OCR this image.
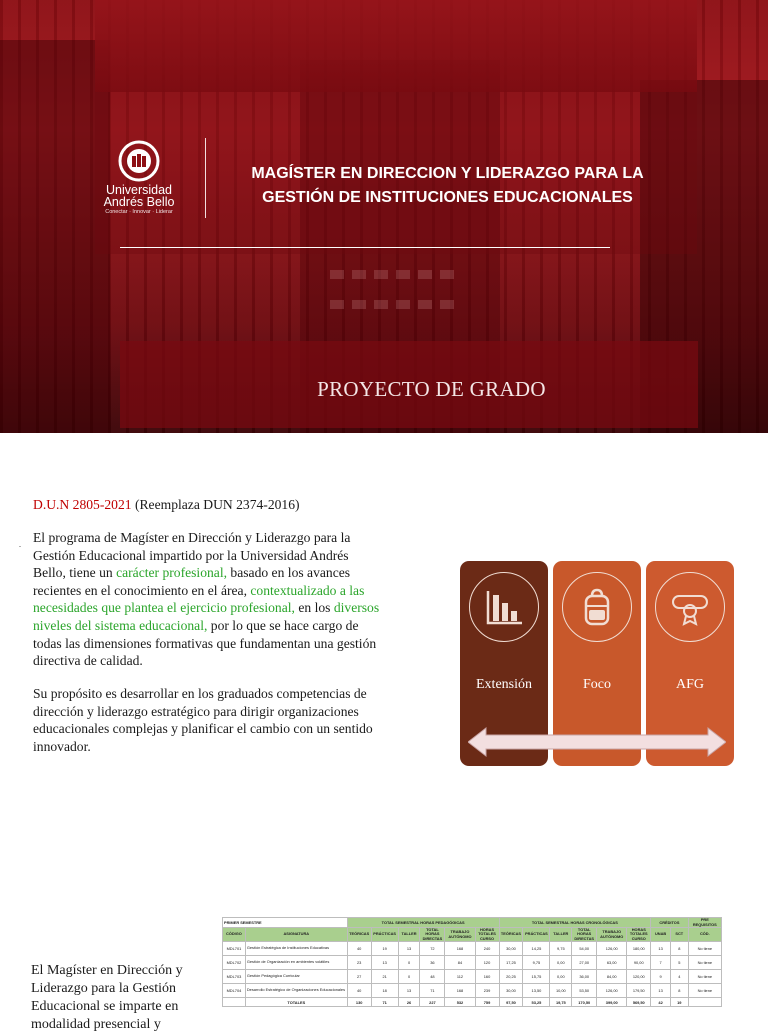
Universidad
Andrés Bello
Conectar · Innovar · Liderar
MAGÍSTER EN DIRECCION Y LIDERAZGO PARA LA GESTIÓN DE INSTITUCIONES EDUCACIONALES
PROYECTO DE GRADO
D.U.N 2805-2021 (Reemplaza DUN 2374-2016)
. El programa de Magíster en Dirección y Liderazgo para la Gestión Educacional impartido por la Universidad Andrés Bello, tiene un carácter profesional, basado en los avances recientes en el conocimiento en el área, contextualizado a las necesidades que plantea el ejercicio profesional, en los diversos niveles del sistema educacional, por lo que se hace cargo de todas las dimensiones formativas que fundamentan una gestión directiva de calidad.
Su propósito es desarrollar en los graduados competencias de dirección y liderazgo estratégico para dirigir organizaciones educacionales complejas y planificar el cambio con un sentido innovador.
Extensión	Foco	AFG
El Magíster en Dirección y Liderazgo para la Gestión Educacional se imparte en modalidad presencial y
PRIMER SEMESTRE		TOTAL SEMESTRAL HORAS PEDAGÓGICAS						TOTAL SEMESTRAL HORAS CRONOLÓGICAS						CRÉDITOS		PRE REQUISITOS
CÓDIGO	ASIGNATURA	TEÓRICAS	PRÁCTICAS	TALLER	TOTAL HORAS DIRECTAS	TRABAJO AUTÓNOMO	HORAS TOTALES CURSO	TEÓRICAS	PRÁCTICAS	TALLER	TOTAL HORAS DIRECTAS	TRABAJO AUTÓNOMO	HORAS TOTALES CURSO	UNAB	SCT	CÓD.
MDL701	Gestión Estratégica de Instituciones Educativas	40	19	13	72	168	240	30,00	14,25	9,75	54,00	126,00	180,00	13	8	No tiene
MDL702	Gestión de Organización en ambientes volátiles	23	13	0	36	84	120	17,25	9,75	0,00	27,00	63,00	90,00	7	5	No tiene
MDL703	Gestión Pedagógica Curricular	27	21	0	48	112	160	20,25	15,75	0,00	36,00	84,00	120,00	9	4	No tiene
MDL704	Desarrollo Estratégico de Organizaciones Educacionales	40	18	13	71	168	239	30,00	13,50	10,00	53,50	126,00	179,50	13	8	No tiene
	TOTALES	130	71	26	227	532	759	97,50	53,25	19,75	170,50	399,00	569,50	42	19	
